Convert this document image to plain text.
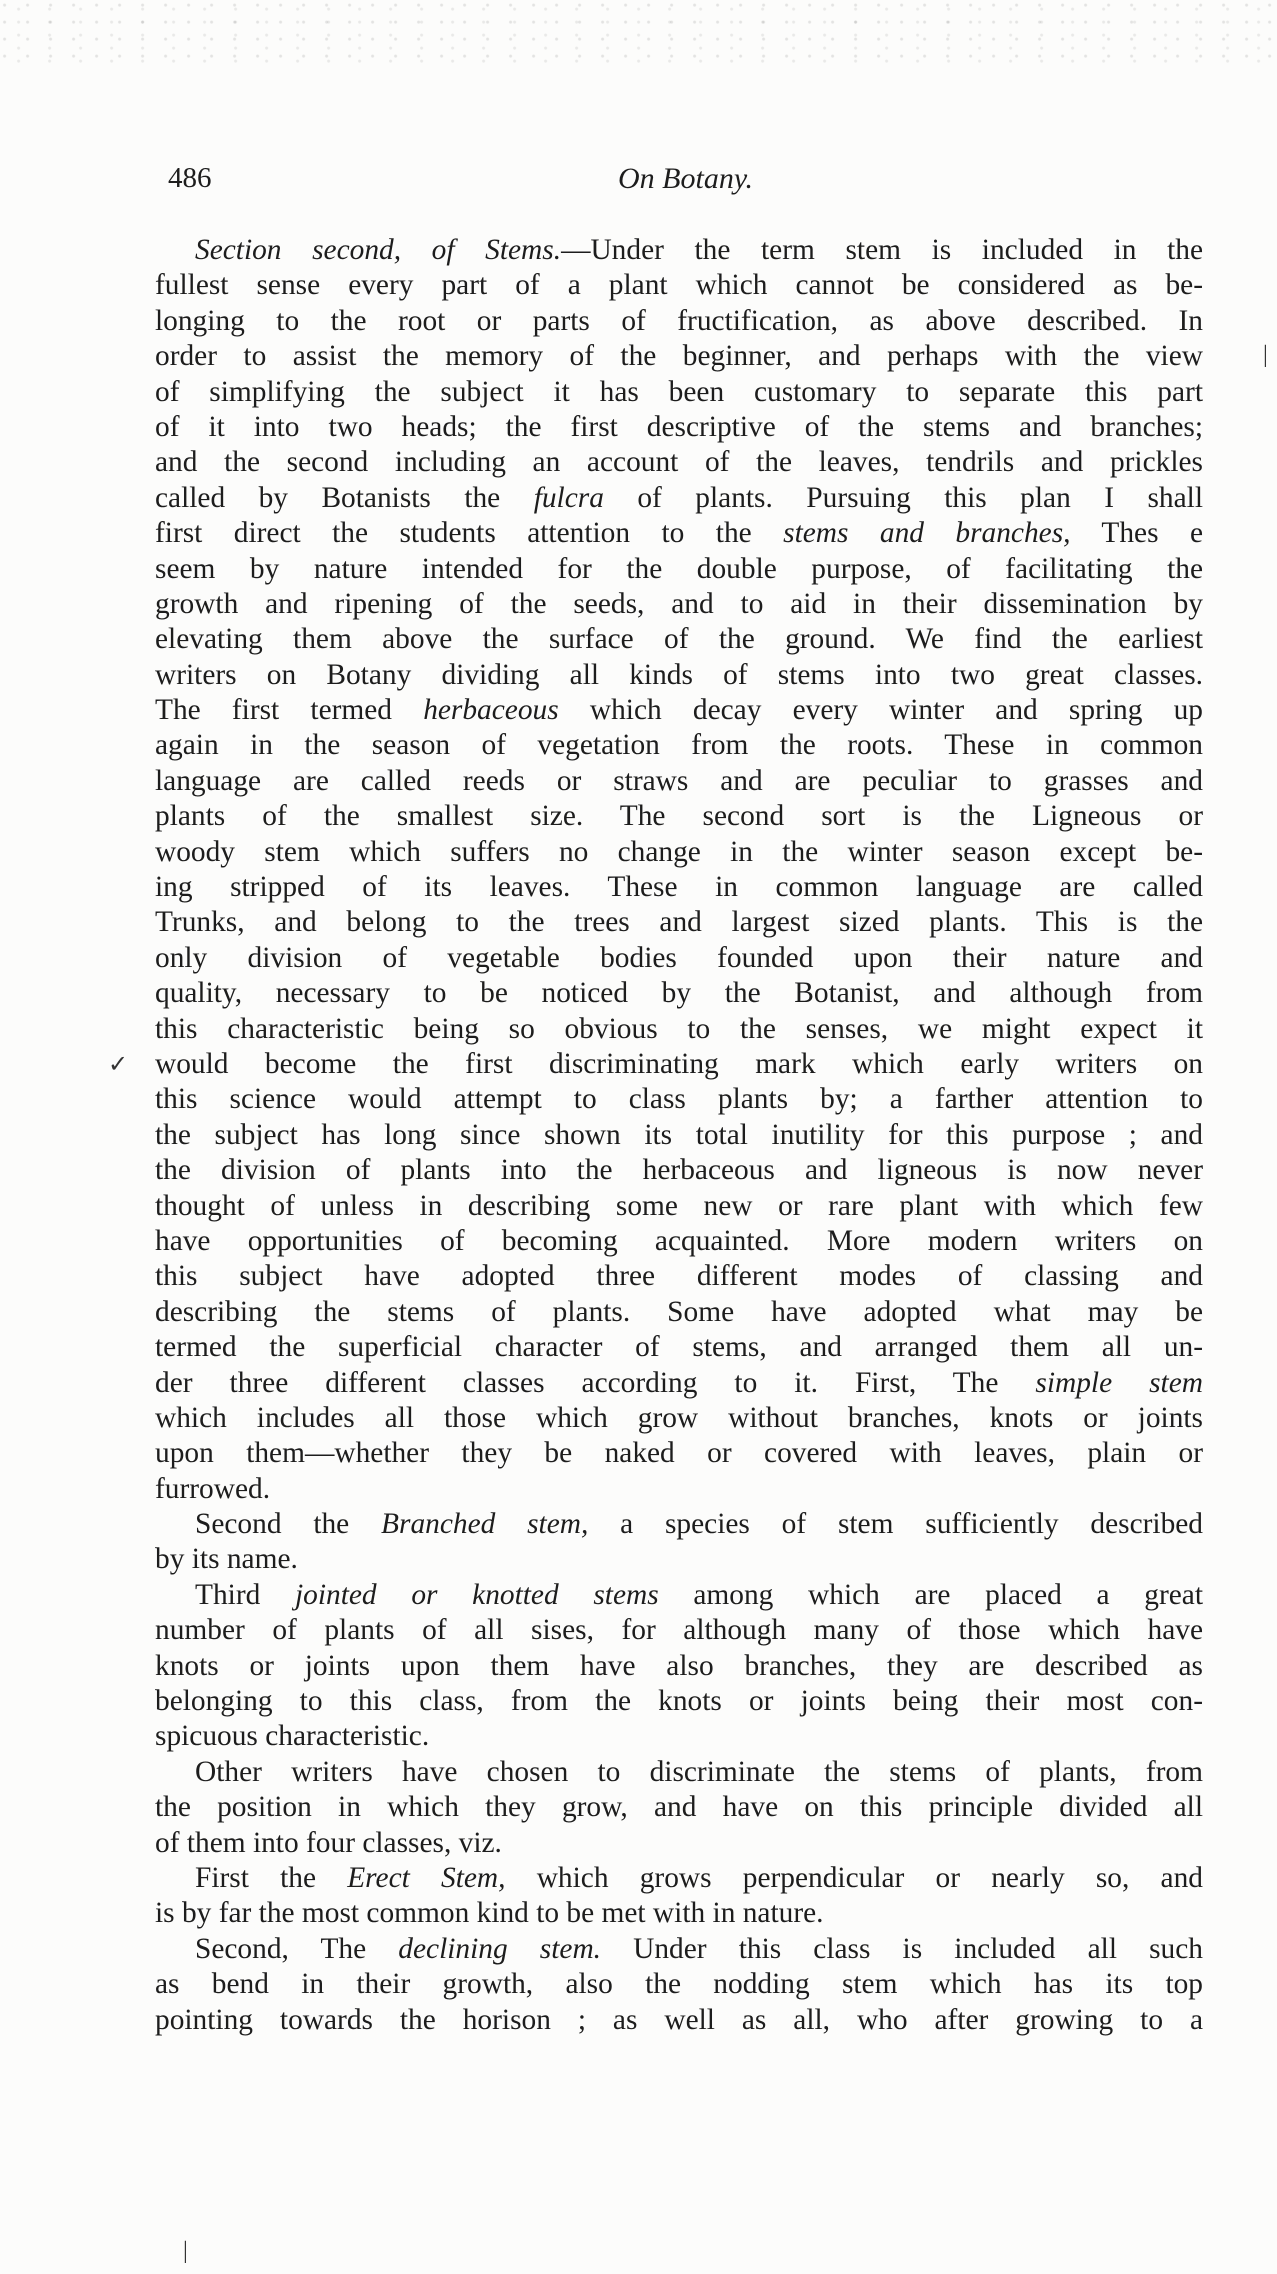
486	On Botany.
Section second, of Stems.—Under the term stem is included in the
fullest sense every part of a plant which cannot be considered as be-
longing to the root or parts of fructification, as above described. In
order to assist the memory of the beginner, and perhaps with the view
of simplifying the subject it has been customary to separate this part
of it into two heads; the first descriptive of the stems and branches;
and the second including an account of the leaves, tendrils and prickles
called by Botanists the fulcra of plants. Pursuing this plan I shall
first direct the students attention to the stems and branches, Thes e
seem by nature intended for the double purpose, of facilitating the
growth and ripening of the seeds, and to aid in their dissemination by
elevating them above the surface of the ground. We find the earliest
writers on Botany dividing all kinds of stems into two great classes.
The first termed herbaceous which decay every winter and spring up
again in the season of vegetation from the roots. These in common
language are called reeds or straws and are peculiar to grasses and
plants of the smallest size. The second sort is the Ligneous or
woody stem which suffers no change in the winter season except be-
ing stripped of its leaves. These in common language are called
Trunks, and belong to the trees and largest sized plants. This is the
only division of vegetable bodies founded upon their nature and
quality, necessary to be noticed by the Botanist, and although from
this characteristic being so obvious to the senses, we might expect it
would become the first discriminating mark which early writers on
this science would attempt to class plants by; a farther attention to
the subject has long since shown its total inutility for this purpose ; and
the division of plants into the herbaceous and ligneous is now never
thought of unless in describing some new or rare plant with which few
have opportunities of becoming acquainted. More modern writers on
this subject have adopted three different modes of classing and
describing the stems of plants. Some have adopted what may be
termed the superficial character of stems, and arranged them all un-
der three different classes according to it. First, The simple stem
which includes all those which grow without branches, knots or joints
upon them—whether they be naked or covered with leaves, plain or
furrowed.
Second the Branched stem, a species of stem sufficiently described
by its name.
Third jointed or knotted stems among which are placed a great
number of plants of all sises, for although many of those which have
knots or joints upon them have also branches, they are described as
belonging to this class, from the knots or joints being their most con-
spicuous characteristic.
Other writers have chosen to discriminate the stems of plants, from
the position in which they grow, and have on this principle divided all
of them into four classes, viz.
First the Erect Stem, which grows perpendicular or nearly so, and
is by far the most common kind to be met with in nature.
Second, The declining stem. Under this class is included all such
as bend in their growth, also the nodding stem which has its top
pointing towards the horison ; as well as all, who after growing to a
|
✓
|
